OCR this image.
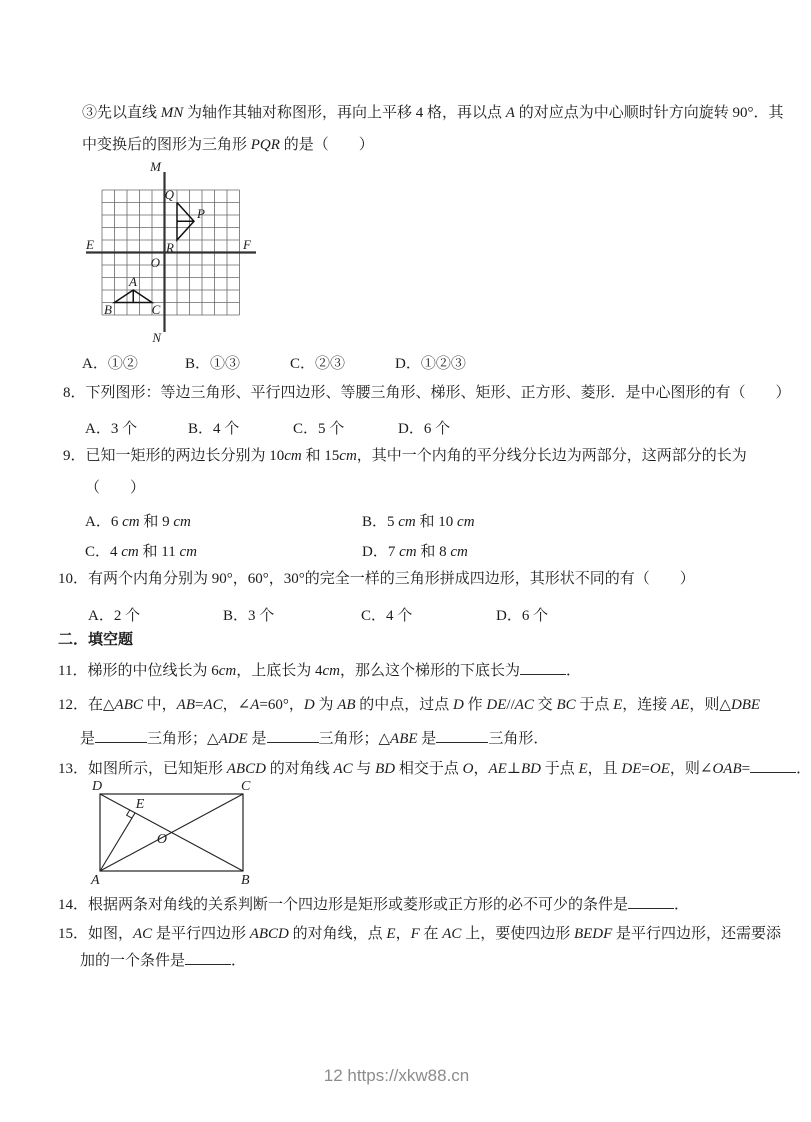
③先以直线 MN 为轴作其轴对称图形，再向上平移 4 格，再以点 A 的对应点为中心顺时针方向旋转 90°．其
中变换后的图形为三角形 PQR 的是（　　）
M
N
E	F
O
Q
P
R
A
B	C
A．①②	B．①③	C．②③	D．①②③
8．下列图形：等边三角形、平行四边形、等腰三角形、梯形、矩形、正方形、菱形．是中心图形的有（　　）
A．3 个	B．4 个	C．5 个	D．6 个
9．已知一矩形的两边长分别为 10cm 和 15cm，其中一个内角的平分线分长边为两部分，这两部分的长为
（　　）
A．6 cm 和 9 cm	B．5 cm 和 10 cm
C．4 cm 和 11 cm	D．7 cm 和 8 cm
10．有两个内角分别为 90°，60°，30°的完全一样的三角形拼成四边形，其形状不同的有（　　）
A．2 个	B．3 个	C．4 个	D．6 个
二．填空题
11．梯形的中位线长为 6cm，上底长为 4cm，那么这个梯形的下底长为	．
12．在△ABC 中，AB=AC，∠A=60°，D 为 AB 的中点，过点 D 作 DE//AC 交 BC 于点 E，连接 AE，则△DBE
是	三角形；△ADE 是	三角形；△ABE 是	三角形．
13．如图所示，已知矩形 ABCD 的对角线 AC 与 BD 相交于点 O，AE⊥BD 于点 E，且 DE=OE，则∠OAB=	．
D	C
A	B
E
O
14．根据两条对角线的关系判断一个四边形是矩形或菱形或正方形的必不可少的条件是	．
15．如图，AC 是平行四边形 ABCD 的对角线，点 E，F 在 AC 上，要使四边形 BEDF 是平行四边形，还需要添
加的一个条件是	．
12 https://xkw88.cn
